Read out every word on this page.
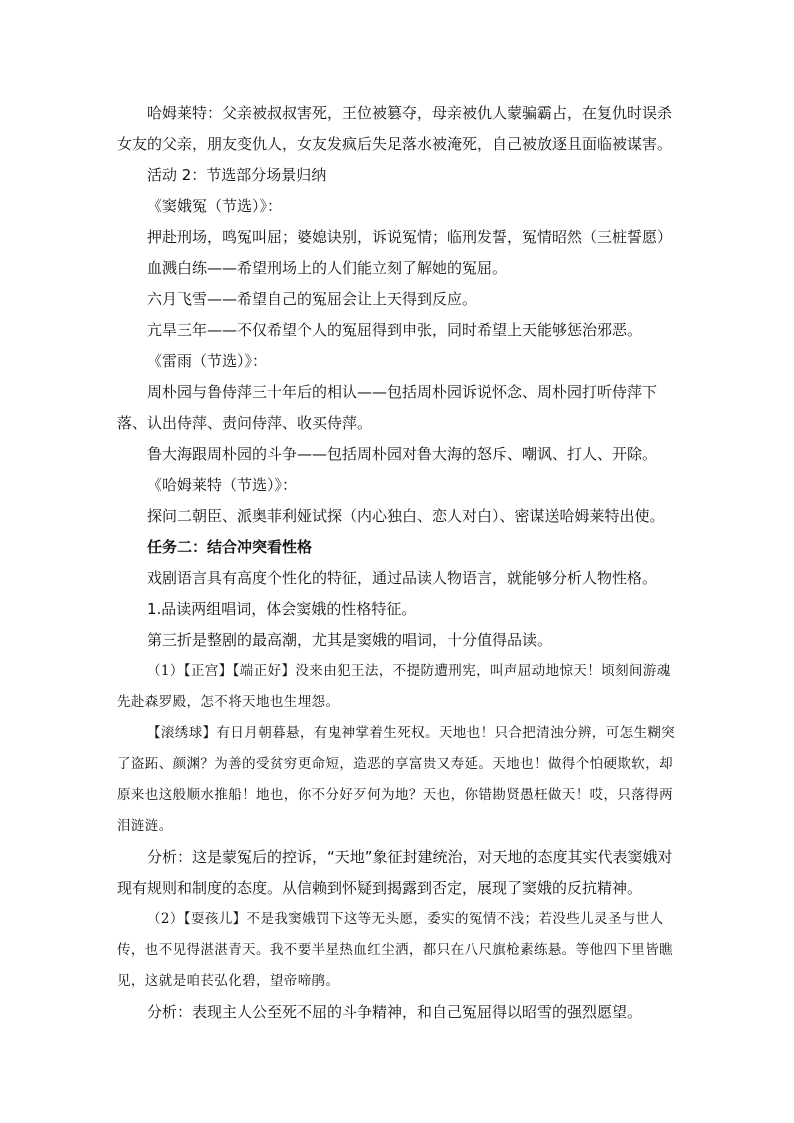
哈姆莱特：父亲被叔叔害死，王位被篡夺，母亲被仇人蒙骗霸占，在复仇时误杀女友的父亲，朋友变仇人，女友发疯后失足落水被淹死，自己被放逐且面临被谋害。

活动 2：节选部分场景归纳

《窦娥冤（节选）》：

押赴刑场，鸣冤叫屈；婆媳诀别，诉说冤情；临刑发誓，冤情昭然（三桩誓愿）

血溅白练——希望刑场上的人们能立刻了解她的冤屈。

六月飞雪——希望自己的冤屈会让上天得到反应。

亢旱三年——不仅希望个人的冤屈得到申张，同时希望上天能够惩治邪恶。

《雷雨（节选）》：

周朴园与鲁侍萍三十年后的相认——包括周朴园诉说怀念、周朴园打听侍萍下落、认出侍萍、责问侍萍、收买侍萍。

鲁大海跟周朴园的斗争——包括周朴园对鲁大海的怒斥、嘲讽、打人、开除。

《哈姆莱特（节选）》：

探问二朝臣、派奥菲利娅试探（内心独白、恋人对白）、密谋送哈姆莱特出使。

任务二：结合冲突看性格

戏剧语言具有高度个性化的特征，通过品读人物语言，就能够分析人物性格。

1.品读两组唱词，体会窦娥的性格特征。

第三折是整剧的最高潮，尤其是窦娥的唱词，十分值得品读。

（1）【正宫】【端正好】没来由犯王法，不提防遭刑宪，叫声屈动地惊天！顷刻间游魂先赴森罗殿，怎不将天地也生埋怨。

【滚绣球】有日月朝暮悬，有鬼神掌着生死权。天地也！只合把清浊分辨，可怎生糊突了盗跖、颜渊？为善的受贫穷更命短，造恶的享富贵又寿延。天地也！做得个怕硬欺软，却原来也这般顺水推船！地也，你不分好歹何为地？天也，你错勘贤愚枉做天！哎，只落得两泪涟涟。

分析：这是蒙冤后的控诉，“天地”象征封建统治，对天地的态度其实代表窦娥对现有规则和制度的态度。从信赖到怀疑到揭露到否定，展现了窦娥的反抗精神。

（2）【耍孩儿】不是我窦娥罚下这等无头愿，委实的冤情不浅；若没些儿灵圣与世人传，也不见得湛湛青天。我不要半星热血红尘洒，都只在八尺旗枪素练悬。等他四下里皆瞧见，这就是咱苌弘化碧，望帝啼鹃。

分析：表现主人公至死不屈的斗争精神，和自己冤屈得以昭雪的强烈愿望。
